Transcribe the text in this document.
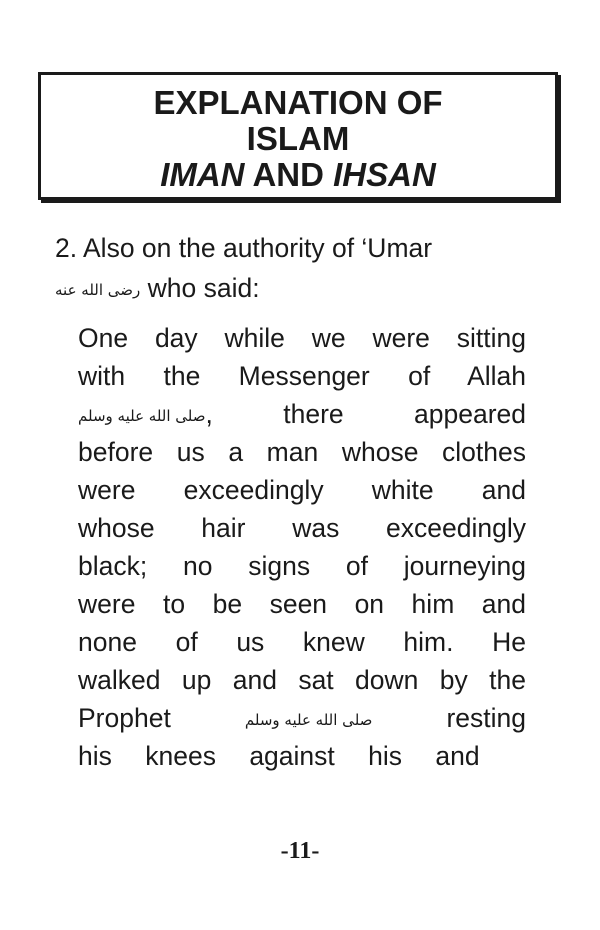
EXPLANATION OF
ISLAM
IMAN AND IHSAN
2. Also on the authority of ‘Umar
رضى الله عنه who said:
One day while we were sitting
with the Messenger of Allah
صلى الله عليه وسلم, there appeared
before us a man whose clothes
were exceedingly white and
whose hair was exceedingly
black; no signs of journeying
were to be seen on him and
none of us knew him. He
walked up and sat down by the
Prophet صلى الله عليه وسلم resting
his knees against his and
-11-
